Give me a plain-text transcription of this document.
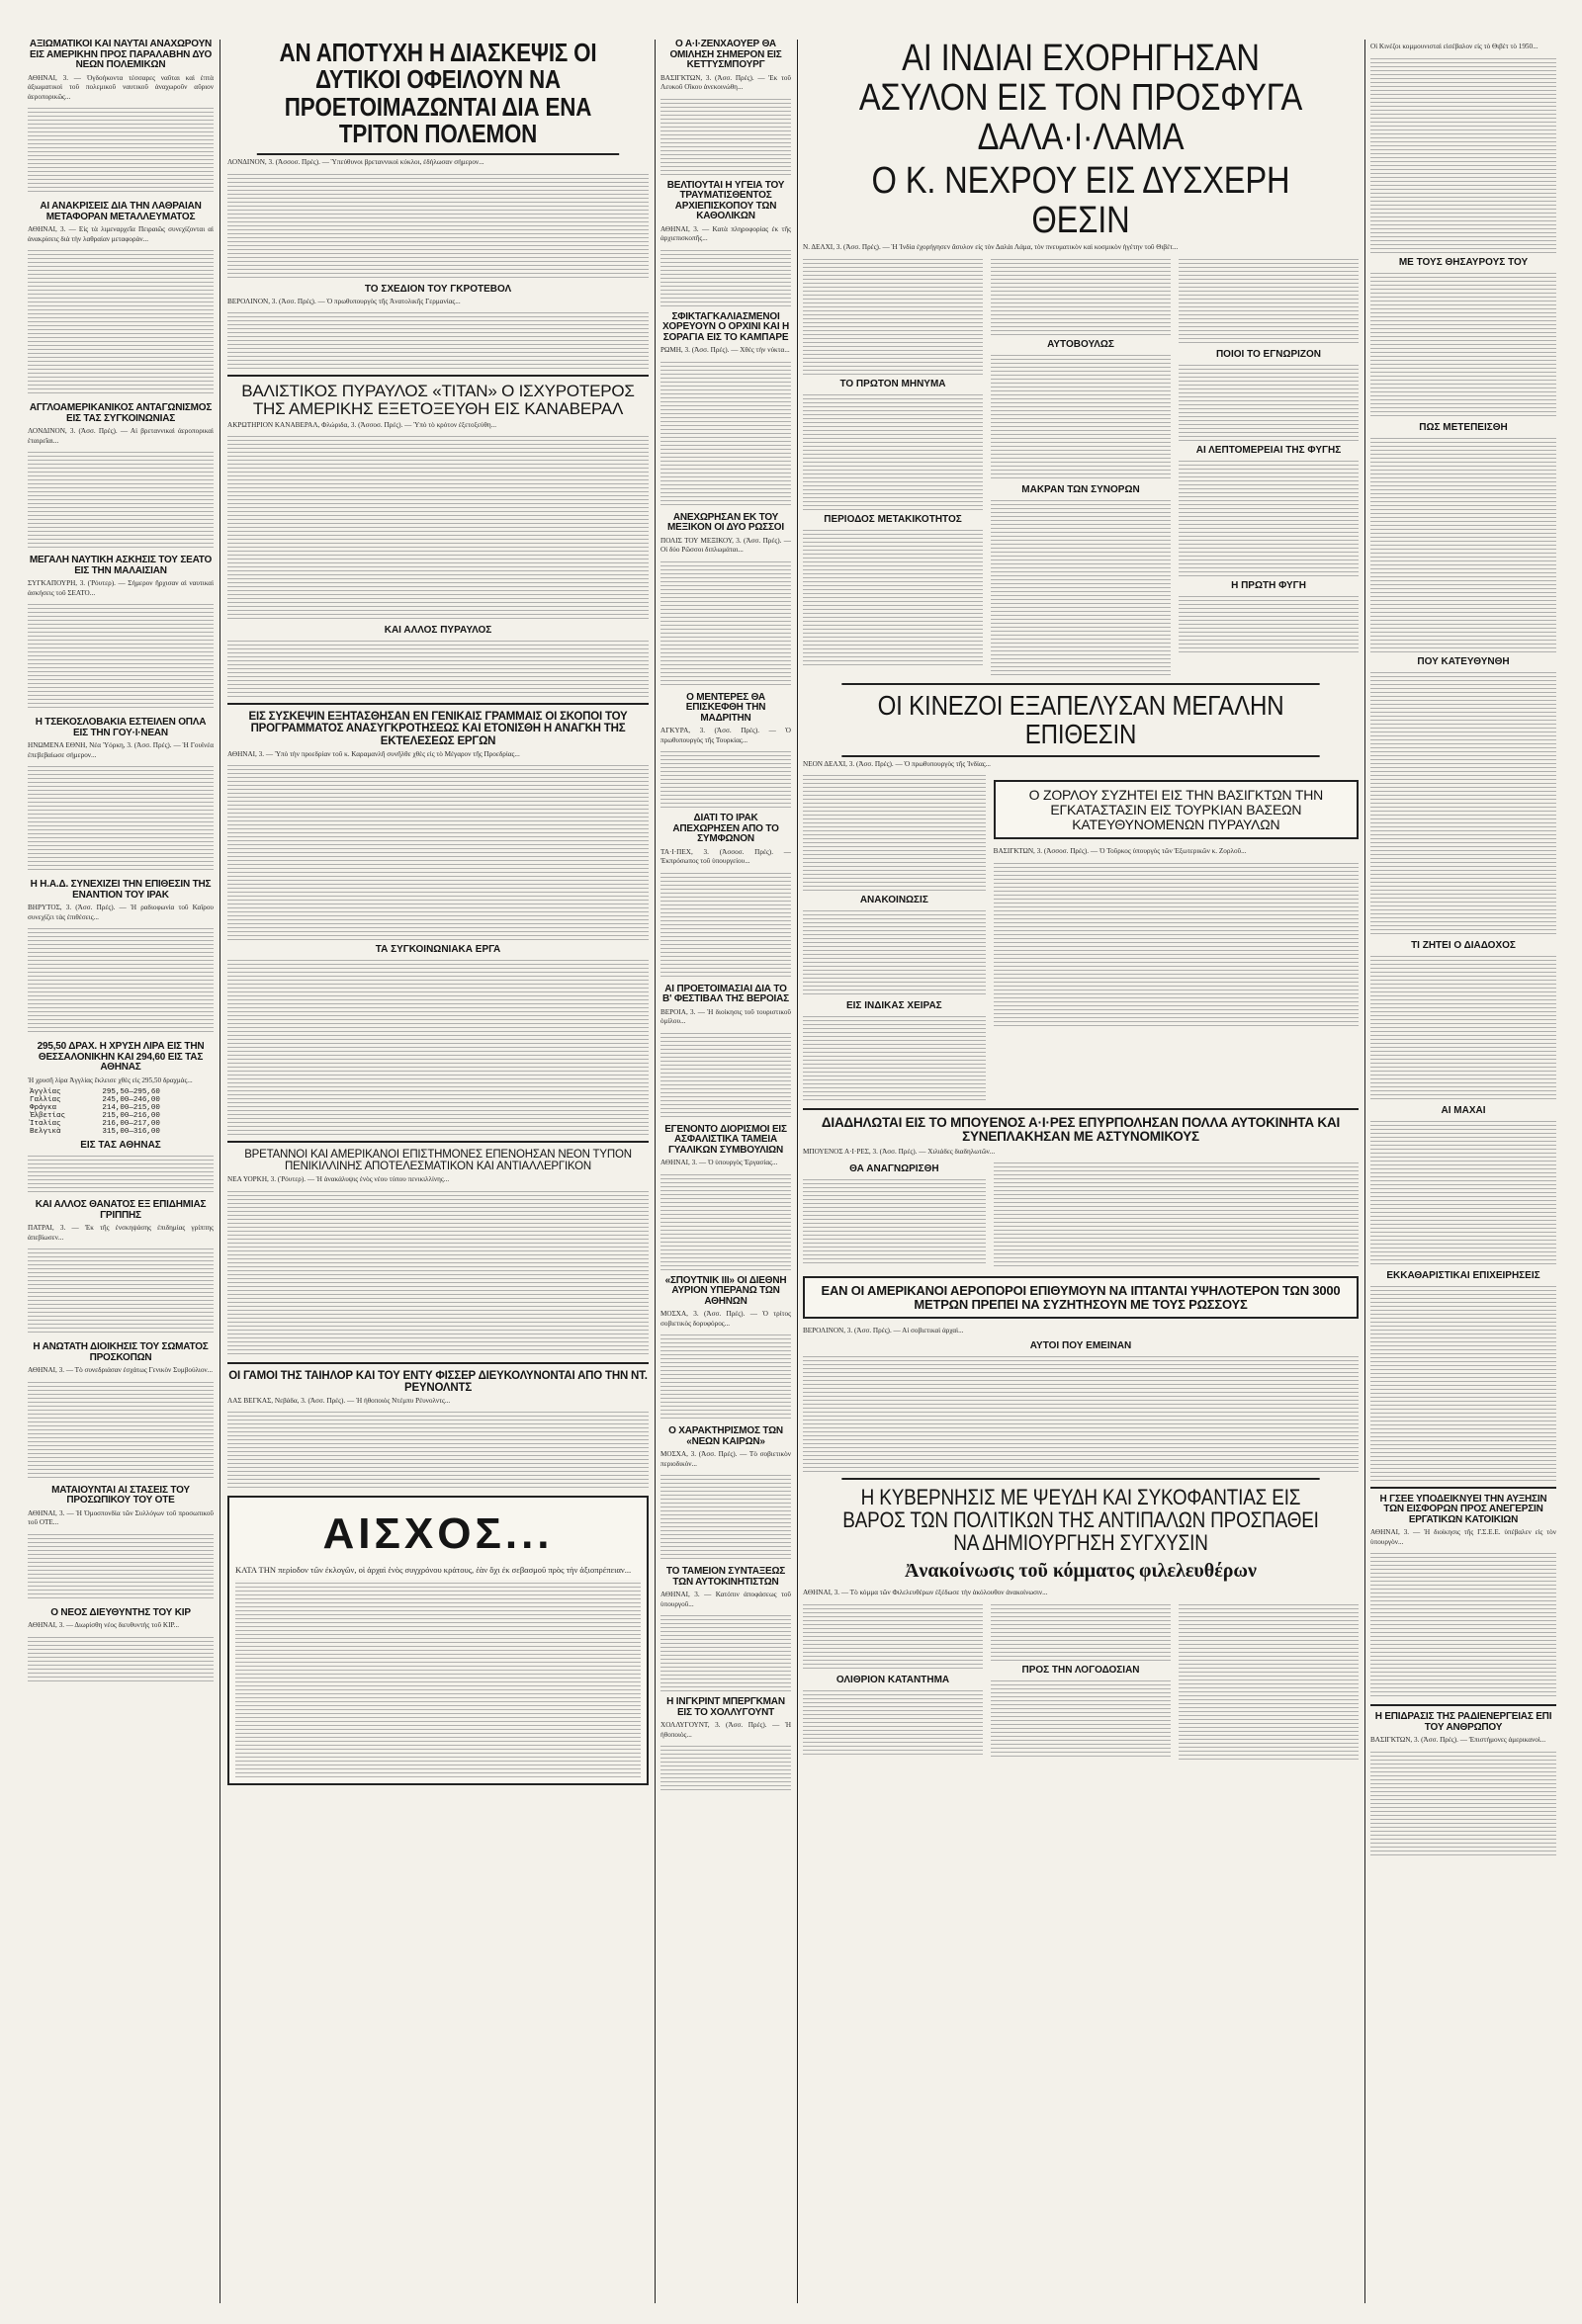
ΑΞΙΩΜΑΤΙΚΟΙ ΚΑΙ ΝΑΥΤΑΙ ΑΝΑΧΩΡΟΥΝ ΕΙΣ ΑΜΕΡΙΚΗΝ ΠΡΟΣ ΠΑΡΑΛΑΒΗΝ ΔΥΟ ΝΕΩΝ ΠΟΛΕΜΙΚΩΝ

ΑΘΗΝΑΙ, 3. — Ὀγδοήκοντα τέσσαρες ναῦται καὶ ἑπτὰ ἀξιωματικοὶ τοῦ πολεμικοῦ ναυτικοῦ ἀναχωροῦν αὔριον ἀεροπορικῶς...

ΑΙ ΑΝΑΚΡΙΣΕΙΣ ΔΙΑ ΤΗΝ ΛΑΘΡΑΙΑΝ ΜΕΤΑΦΟΡΑΝ ΜΕΤΑΛΛΕΥΜΑΤΟΣ

ΑΘΗΝΑΙ, 3. — Εἰς τὰ λιμεναρχεῖα Πειραιῶς συνεχίζονται αἱ ἀνακρίσεις διὰ τὴν λαθραίαν μεταφορὰν...

ΑΓΓΛΟΑΜΕΡΙΚΑΝΙΚΟΣ ΑΝΤΑΓΩΝΙΣΜΟΣ ΕΙΣ ΤΑΣ ΣΥΓΚΟΙΝΩΝΙΑΣ

ΛΟΝΔΙΝΟΝ, 3. (Ἀσσ. Πρές). — Αἱ βρεταννικαὶ ἀεροπορικαὶ ἑταιρεῖαι...

ΜΕΓΑΛΗ ΝΑΥΤΙΚΗ ΑΣΚΗΣΙΣ ΤΟΥ ΣΕΑΤΟ ΕΙΣ ΤΗΝ ΜΑΛΑΙΣΙΑΝ

ΣΥΓΚΑΠΟΥΡΗ, 3. (Ῥόυτερ). — Σήμερον ἤρχισαν αἱ ναυτικαὶ ἀσκήσεις τοῦ ΣΕΑΤΟ...

Η ΤΣΕΚΟΣΛΟΒΑΚΙΑ ΕΣΤΕΙΛΕΝ ΟΠΛΑ ΕΙΣ ΤΗΝ ΓΟΥ·Ι·ΝΕΑΝ

ΗΝΩΜΕΝΑ ΕΘΝΗ, Νέα Ὑόρκη, 3. (Ἀσσ. Πρές). — Ἡ Γουϊνέα ἐπεβεβαίωσε σήμερον...

Η Η.Α.Δ. ΣΥΝΕΧΙΖΕΙ ΤΗΝ ΕΠΙΘΕΣΙΝ ΤΗΣ ΕΝΑΝΤΙΟΝ ΤΟΥ ΙΡΑΚ

ΒΗΡΥΤΟΣ, 3. (Ἀσσ. Πρές). — Ἡ ραδιοφωνία τοῦ Καΐρου συνεχίζει τὰς ἐπιθέσεις...

295,50 ΔΡΑΧ. Η ΧΡΥΣΗ ΛΙΡΑ ΕΙΣ ΤΗΝ ΘΕΣΣΑΛΟΝΙΚΗΝ ΚΑΙ 294,60 ΕΙΣ ΤΑΣ ΑΘΗΝΑΣ

Ἡ χρυσῆ λίρα Ἀγγλίας ἔκλεισε χθὲς εἰς 295,50 δραχμάς...

Ἀγγλίας	295,50—295,60
Γαλλίας	245,00—246,00
Φράγκα	214,00—215,00
Ἑλβετίας	215,00—216,00
Ἰταλίας	216,00—217,00
Βελγικὰ	315,00—316,00
ΕΙΣ ΤΑΣ ΑΘΗΝΑΣ
ΚΑΙ ΑΛΛΟΣ ΘΑΝΑΤΟΣ ΕΞ ΕΠΙΔΗΜΙΑΣ ΓΡΙΠΠΗΣ

ΠΑΤΡΑΙ, 3. — Ἐκ τῆς ἐνσκηψάσης ἐπιδημίας γρίππης ἀπεβίωσεν...

Η ΑΝΩΤΑΤΗ ΔΙΟΙΚΗΣΙΣ ΤΟΥ ΣΩΜΑΤΟΣ ΠΡΟΣΚΟΠΩΝ

ΑΘΗΝΑΙ, 3. — Τὸ συνεδριάσαν ἐσχάτως Γενικὸν Συμβούλιον...

ΜΑΤΑΙΟΥΝΤΑΙ ΑΙ ΣΤΑΣΕΙΣ ΤΟΥ ΠΡΟΣΩΠΙΚΟΥ ΤΟΥ ΟΤΕ

ΑΘΗΝΑΙ, 3. — Ἡ Ὁμοσπονδία τῶν Συλλόγων τοῦ προσωπικοῦ τοῦ ΟΤΕ...

Ο ΝΕΟΣ ΔΙΕΥΘΥΝΤΗΣ ΤΟΥ ΚΙΡ

ΑΘΗΝΑΙ, 3. — Διωρίσθη νέος διευθυντὴς τοῦ ΚΙΡ...

ΑΝ ΑΠΟΤΥΧΗ Η ΔΙΑΣΚΕΨΙΣ ΟΙ ΔΥΤΙΚΟΙ ΟΦΕΙΛΟΥΝ ΝΑ ΠΡΟΕΤΟΙΜΑΖΩΝΤΑΙ ΔΙΑ ΕΝΑ ΤΡΙΤΟΝ ΠΟΛΕΜΟΝ

ΛΟΝΔΙΝΟΝ, 3. (Ἀσσοσ. Πρές). — Ὑπεύθυνοι βρεταννικοὶ κύκλοι, ἐδήλωσαν σήμερον...

ΤΟ ΣΧΕΔΙΟΝ ΤΟΥ ΓΚΡΟΤΕΒΟΛ

ΒΕΡΟΛΙΝΟΝ, 3. (Ἀσσ. Πρές). — Ὁ πρωθυπουργὸς τῆς Ἀνατολικῆς Γερμανίας...

ΒΑΛΙΣΤΙΚΟΣ ΠΥΡΑΥΛΟΣ «ΤΙΤΑΝ» Ο ΙΣΧΥΡΟΤΕΡΟΣ ΤΗΣ ΑΜΕΡΙΚΗΣ ΕΞΕΤΟΞΕΥΘΗ ΕΙΣ ΚΑΝΑΒΕΡΑΛ

ΑΚΡΩΤΗΡΙΟΝ ΚΑΝΑΒΕΡΑΛ, Φλώριδα, 3. (Ἀσσοσ. Πρές). — Ὑπὸ τὸ κρότον ἐξετοξεύθη...

ΚΑΙ ΑΛΛΟΣ ΠΥΡΑΥΛΟΣ
ΕΙΣ ΣΥΣΚΕΨΙΝ ΕΞΗΤΑΣΘΗΣΑΝ ΕΝ ΓΕΝΙΚΑΙΣ ΓΡΑΜΜΑΙΣ ΟΙ ΣΚΟΠΟΙ ΤΟΥ ΠΡΟΓΡΑΜΜΑΤΟΣ ΑΝΑΣΥΓΚΡΟΤΗΣΕΩΣ ΚΑΙ ΕΤΟΝΙΣΘΗ Η ΑΝΑΓΚΗ ΤΗΣ ΕΚΤΕΛΕΣΕΩΣ ΕΡΓΩΝ

ΑΘΗΝΑΙ, 3. — Ὑπὸ τὴν προεδρίαν τοῦ κ. Καραμανλῆ συνῆλθε χθὲς εἰς τὸ Μέγαρον τῆς Προεδρίας...

ΤΑ ΣΥΓΚΟΙΝΩΝΙΑΚΑ ΕΡΓΑ
ΒΡΕΤΑΝΝΟΙ ΚΑΙ ΑΜΕΡΙΚΑΝΟΙ ΕΠΙΣΤΗΜΟΝΕΣ ΕΠΕΝΟΗΣΑΝ ΝΕΟΝ ΤΥΠΟΝ ΠΕΝΙΚΙΛΛΙΝΗΣ ΑΠΟΤΕΛΕΣΜΑΤΙΚΟΝ ΚΑΙ ΑΝΤΙΑΛΛΕΡΓΙΚΟΝ

ΝΕΑ ΥΟΡΚΗ, 3. (Ῥόυτερ). — Ἡ ἀνακάλυψις ἑνὸς νέου τύπου πενικιλλίνης...

ΟΙ ΓΑΜΟΙ ΤΗΣ ΤΑΙΗΛΟΡ ΚΑΙ ΤΟΥ ΕΝΤΥ ΦΙΣΣΕΡ ΔΙΕΥΚΟΛΥΝΟΝΤΑΙ ΑΠΟ ΤΗΝ ΝΤ. ΡΕΥΝΟΛΝΤΣ

ΛΑΣ ΒΕΓΚΑΣ, Νεβάδα, 3. (Ἀσσ. Πρές). — Ἡ ἠθοποιὸς Ντέμπυ Ρέυνολντς...

ΑΙΣΧΟΣ...

ΚΑΤΑ ΤΗΝ περίοδον τῶν ἐκλογῶν, οἱ ἀρχαὶ ἐνὸς συγχρόνου κράτους, ἐὰν ὄχι ἐκ σεβασμοῦ πρὸς τὴν ἀξιοπρέπειαν...

Ο Α·Ι·ΖΕΝΧΑΟΥΕΡ ΘΑ ΟΜΙΛΗΣΗ ΣΗΜΕΡΟΝ ΕΙΣ ΚΕΤΤΥΣΜΠΟΥΡΓ

ΒΑΣΙΓΚΤΩΝ, 3. (Ἀσσ. Πρές). — Ἐκ τοῦ Λευκοῦ Οἴκου ἀνεκοινώθη...

ΒΕΛΤΙΟΥΤΑΙ Η ΥΓΕΙΑ ΤΟΥ ΤΡΑΥΜΑΤΙΣΘΕΝΤΟΣ ΑΡΧΙΕΠΙΣΚΟΠΟΥ ΤΩΝ ΚΑΘΟΛΙΚΩΝ

ΑΘΗΝΑΙ, 3. — Κατὰ πληροφορίας ἐκ τῆς ἀρχιεπισκοπῆς...

ΣΦΙΚΤΑΓΚΑΛΙΑΣΜΕΝΟΙ ΧΟΡΕΥΟΥΝ Ο ΟΡΧΙΝΙ ΚΑΙ Η ΣΟΡΑΓΙΑ ΕΙΣ ΤΟ ΚΑΜΠΑΡΕ

ΡΩΜΗ, 3. (Ἀσσ. Πρές). — Χθὲς τὴν νύκτα...

ΑΝΕΧΩΡΗΣΑΝ ΕΚ ΤΟΥ ΜΕΞΙΚΟΝ ΟΙ ΔΥΟ ΡΩΣΣΟΙ

ΠΟΛΙΣ ΤΟΥ ΜΕΞΙΚΟΥ, 3. (Ἀσσ. Πρές). — Οἱ δύο Ρῶσσοι διπλωμάται...

Ο ΜΕΝΤΕΡΕΣ ΘΑ ΕΠΙΣΚΕΦΘΗ ΤΗΝ ΜΑΔΡΙΤΗΝ

ΑΓΚΥΡΑ, 3. (Ἀσσ. Πρές). — Ὁ πρωθυπουργὸς τῆς Τουρκίας...

ΔΙΑΤΙ ΤΟ ΙΡΑΚ ΑΠΕΧΩΡΗΣΕΝ ΑΠΟ ΤΟ ΣΥΜΦΩΝΟΝ

ΤΑ·Ι·ΠΕΧ, 3. (Ἀσσοσ. Πρές). — Ἐκπρόσωπος τοῦ ὑπουργείου...

ΑΙ ΠΡΟΕΤΟΙΜΑΣΙΑΙ ΔΙΑ ΤΟ Β' ΦΕΣΤΙΒΑΛ ΤΗΣ ΒΕΡΟΙΑΣ

ΒΕΡΟΙΑ, 3. — Ἡ διοίκησις τοῦ τουριστικοῦ ὁμίλου...

ΕΓΕΝΟΝΤΟ ΔΙΟΡΙΣΜΟΙ ΕΙΣ ΑΣΦΑΛΙΣΤΙΚΑ ΤΑΜΕΙΑ ΓΥΑΛΙΚΩΝ ΣΥΜΒΟΥΛΙΩΝ

ΑΘΗΝΑΙ, 3. — Ὁ ὑπουργὸς Ἐργασίας...

«ΣΠΟΥΤΝΙΚ ΙΙΙ» ΟΙ ΔΙΕΘΝΗ ΑΥΡΙΟΝ ΥΠΕΡΑΝΩ ΤΩΝ ΑΘΗΝΩΝ

ΜΟΣΧΑ, 3. (Ἀσσ. Πρές). — Ὁ τρίτος σοβιετικὸς δορυφόρος...

Ο ΧΑΡΑΚΤΗΡΙΣΜΟΣ ΤΩΝ «ΝΕΩΝ ΚΑΙΡΩΝ»

ΜΟΣΧΑ, 3. (Ἀσσ. Πρές). — Τὸ σοβιετικὸν περιοδικὸν...

ΤΟ ΤΑΜΕΙΟΝ ΣΥΝΤΑΞΕΩΣ ΤΩΝ ΑΥΤΟΚΙΝΗΤΙΣΤΩΝ

ΑΘΗΝΑΙ, 3. — Κατόπιν ἀποφάσεως τοῦ ὑπουργοῦ...

Η ΙΝΓΚΡΙΝΤ ΜΠΕΡΓΚΜΑΝ ΕΙΣ ΤΟ ΧΟΛΛΥΓΟΥΝΤ

ΧΟΛΛΥΓΟΥΝΤ, 3. (Ἀσσ. Πρές). — Ἡ ἠθοποιὸς...

ΑΙ ΙΝΔΙΑΙ ΕΧΟΡΗΓΗΣΑΝ ΑΣΥΛΟΝ ΕΙΣ ΤΟΝ ΠΡΟΣΦΥΓΑ ΔΑΛΑ·Ι·ΛΑΜΑ
Ο Κ. ΝΕΧΡΟΥ ΕΙΣ ΔΥΣΧΕΡΗ ΘΕΣΙΝ

Ν. ΔΕΛΧΙ, 3. (Ἀσσ. Πρές). — Ἡ Ἰνδία ἐχορήγησεν ἄσυλον εἰς τὸν Δαλάι Λάμα, τὸν πνευματικὸν καὶ κοσμικὸν ἡγέτην τοῦ Θιβέτ...

ΤΟ ΠΡΩΤΟΝ ΜΗΝΥΜΑ
ΠΕΡΙΟΔΟΣ ΜΕΤΑΚΙΚΟΤΗΤΟΣ
ΑΥΤΟΒΟΥΛΩΣ
ΜΑΚΡΑΝ ΤΩΝ ΣΥΝΟΡΩΝ
ΠΟΙΟΙ ΤΟ ΕΓΝΩΡΙΖΟΝ
ΑΙ ΛΕΠΤΟΜΕΡΕΙΑΙ ΤΗΣ ΦΥΓΗΣ
Η ΠΡΩΤΗ ΦΥΓΗ
ΟΙ ΚΙΝΕΖΟΙ ΕΞΑΠΕΛΥΣΑΝ ΜΕΓΑΛΗΝ ΕΠΙΘΕΣΙΝ

ΝΕΟΝ ΔΕΛΧΙ, 3. (Ἀσσ. Πρές). — Ὁ πρωθυπουργὸς τῆς Ἰνδίας...

ΑΝΑΚΟΙΝΩΣΙΣ
ΕΙΣ ΙΝΔΙΚΑΣ ΧΕΙΡΑΣ
Ο ΖΟΡΛΟΥ ΣΥΖΗΤΕΙ ΕΙΣ ΤΗΝ ΒΑΣΙΓΚΤΩΝ ΤΗΝ ΕΓΚΑΤΑΣΤΑΣΙΝ ΕΙΣ ΤΟΥΡΚΙΑΝ ΒΑΣΕΩΝ ΚΑΤΕΥΘΥΝΟΜΕΝΩΝ ΠΥΡΑΥΛΩΝ

ΒΑΣΙΓΚΤΩΝ, 3. (Ἀσσοσ. Πρές). — Ὁ Τοῦρκος ὑπουργὸς τῶν Ἐξωτερικῶν κ. Ζορλοῦ...

ΔΙΑΔΗΛΩΤΑΙ ΕΙΣ ΤΟ ΜΠΟΥΕΝΟΣ Α·Ι·ΡΕΣ ΕΠΥΡΠΟΛΗΣΑΝ ΠΟΛΛΑ ΑΥΤΟΚΙΝΗΤΑ ΚΑΙ ΣΥΝΕΠΛΑΚΗΣΑΝ ΜΕ ΑΣΤΥΝΟΜΙΚΟΥΣ

ΜΠΟΥΕΝΟΣ Α·Ι·ΡΕΣ, 3. (Ἀσσ. Πρές). — Χιλιάδες διαδηλωτῶν...

ΘΑ ΑΝΑΓΝΩΡΙΣΘΗ
ΕΑΝ ΟΙ ΑΜΕΡΙΚΑΝΟΙ ΑΕΡΟΠΟΡΟΙ ΕΠΙΘΥΜΟΥΝ ΝΑ ΙΠΤΑΝΤΑΙ ΥΨΗΛΟΤΕΡΟΝ ΤΩΝ 3000 ΜΕΤΡΩΝ ΠΡΕΠΕΙ ΝΑ ΣΥΖΗΤΗΣΟΥΝ ΜΕ ΤΟΥΣ ΡΩΣΣΟΥΣ

ΒΕΡΟΛΙΝΟΝ, 3. (Ἀσσ. Πρές). — Αἱ σοβιετικαὶ ἀρχαὶ...

ΑΥΤΟΙ ΠΟΥ ΕΜΕΙΝΑΝ
Η ΚΥΒΕΡΝΗΣΙΣ ΜΕ ΨΕΥΔΗ ΚΑΙ ΣΥΚΟΦΑΝΤΙΑΣ ΕΙΣ ΒΑΡΟΣ ΤΩΝ ΠΟΛΙΤΙΚΩΝ ΤΗΣ ΑΝΤΙΠΑΛΩΝ ΠΡΟΣΠΑΘΕΙ ΝΑ ΔΗΜΙΟΥΡΓΗΣΗ ΣΥΓΧΥΣΙΝ
Ἀνακοίνωσις τοῦ κόμματος φιλελευθέρων

ΑΘΗΝΑΙ, 3. — Τὸ κόμμα τῶν Φιλελευθέρων ἐξέδωσε τὴν ἀκόλουθον ἀνακοίνωσιν...

ΟΛΙΘΡΙΟΝ ΚΑΤΑΝΤΗΜΑ
ΠΡΟΣ ΤΗΝ ΛΟΓΟΔΟΣΙΑΝ

Οἱ Κινέζοι κομμουνισταὶ εἰσέβαλον εἰς τὸ Θιβὲτ τὸ 1950...

ΜΕ ΤΟΥΣ ΘΗΣΑΥΡΟΥΣ ΤΟΥ
ΠΩΣ ΜΕΤΕΠΕΙΣΘΗ
ΠΟΥ ΚΑΤΕΥΘΥΝΘΗ
ΤΙ ΖΗΤΕΙ Ο ΔΙΑΔΟΧΟΣ
ΑΙ ΜΑΧΑΙ
ΕΚΚΑΘΑΡΙΣΤΙΚΑΙ ΕΠΙΧΕΙΡΗΣΕΙΣ
Η ΓΣΕΕ ΥΠΟΔΕΙΚΝΥΕΙ ΤΗΝ ΑΥΞΗΣΙΝ ΤΩΝ ΕΙΣΦΟΡΩΝ ΠΡΟΣ ΑΝΕΓΕΡΣΙΝ ΕΡΓΑΤΙΚΩΝ ΚΑΤΟΙΚΙΩΝ

ΑΘΗΝΑΙ, 3. — Ἡ διοίκησις τῆς Γ.Σ.Ε.Ε. ὑπέβαλεν εἰς τὸν ὑπουργὸν...

Η ΕΠΙΔΡΑΣΙΣ ΤΗΣ ΡΑΔΙΕΝΕΡΓΕΙΑΣ ΕΠΙ ΤΟΥ ΑΝΘΡΩΠΟΥ

ΒΑΣΙΓΚΤΩΝ, 3. (Ἀσσ. Πρές). — Ἐπιστήμονες ἀμερικανοὶ...
